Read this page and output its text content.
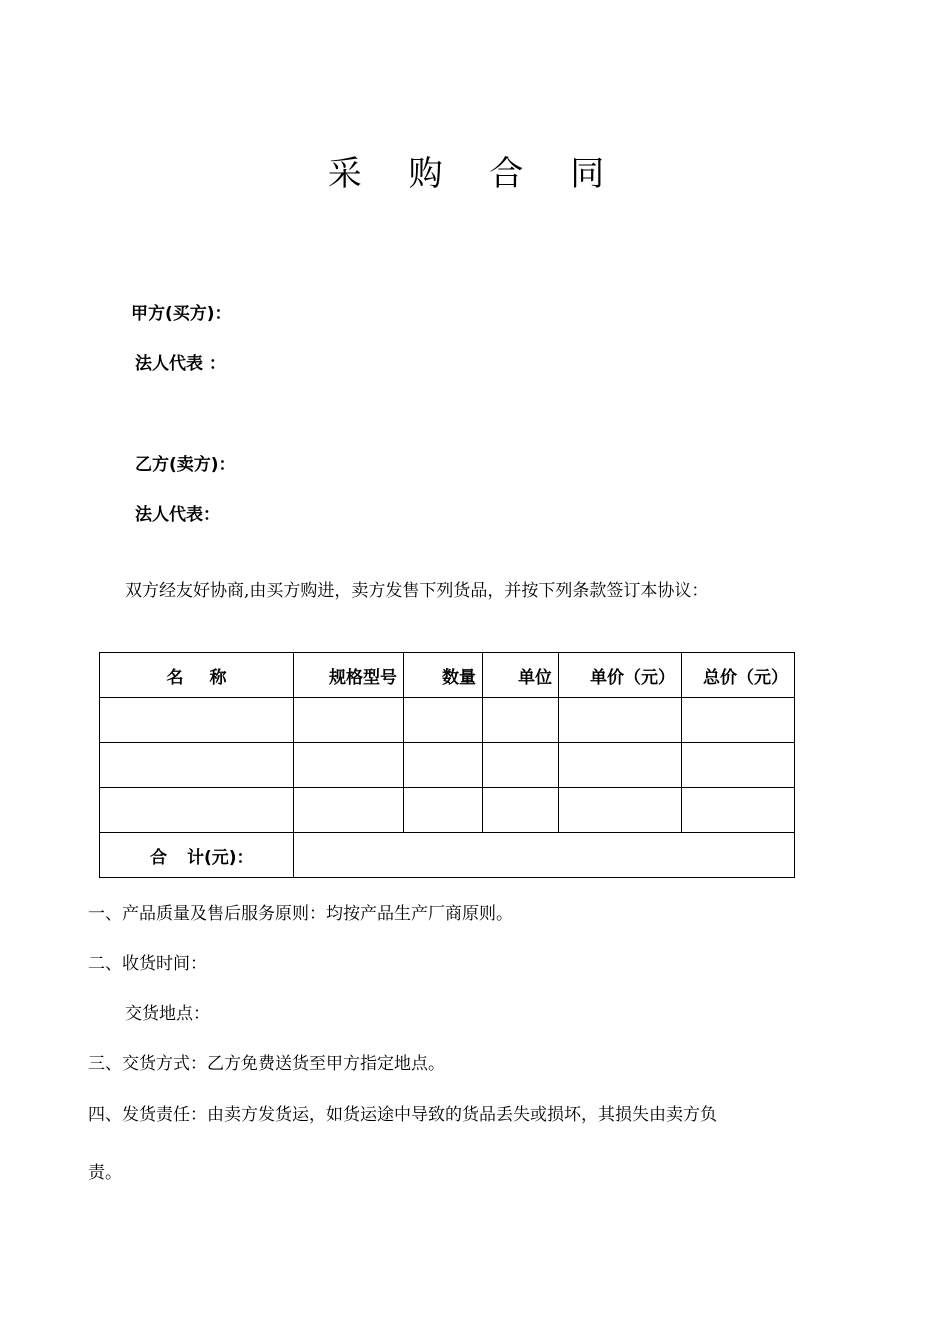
采 购 合 同
甲方(买方)：
法人代表 ：
乙方(卖方)：
法人代表：
双方经友好协商,由买方购进，卖方发售下列货品，并按下列条款签订本协议：
名 称	规格型号	数量	单位	单价（元）	总价（元）

合 计(元)：					
一、产品质量及售后服务原则：均按产品生产厂商原则。
二、收货时间：
交货地点：
三、交货方式：乙方免费送货至甲方指定地点。
四、发货责任：由卖方发货运，如货运途中导致的货品丢失或损坏，其损失由卖方负
责。
